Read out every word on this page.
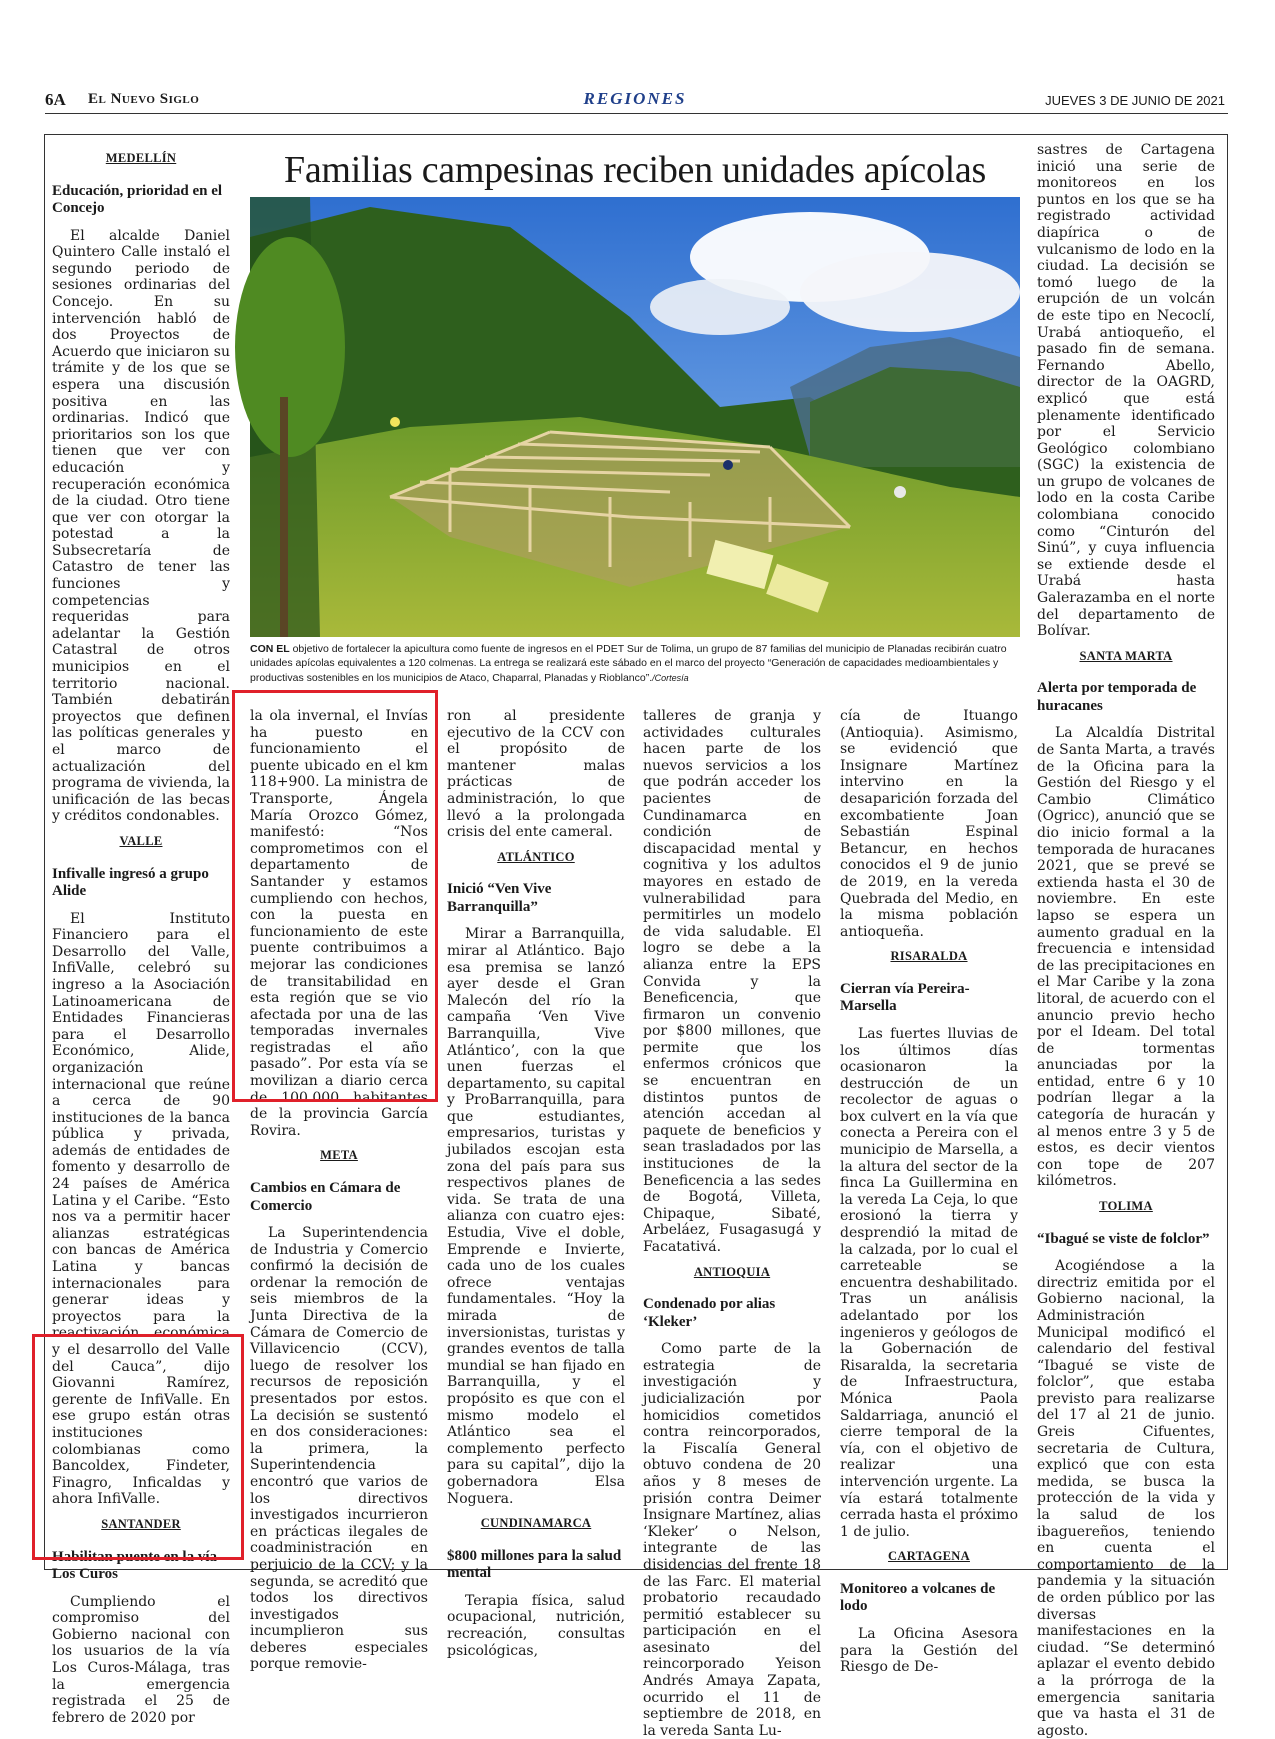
6A El Nuevo Siglo	REGIONES	JUEVES 3 DE JUNIO DE 2021
Familias campesinas reciben unidades apícolas
CON EL objetivo de fortalecer la apicultura como fuente de ingresos en el PDET Sur de Tolima, un grupo de 87 familias del municipio de Planadas recibirán cuatro unidades apícolas equivalentes a 120 colmenas. La entrega se realizará este sábado en el marco del proyecto “Generación de capacidades medioambientales y productivas sostenibles en los municipios de Ataco, Chaparral, Planadas y Rioblanco”./Cortesía
MEDELLÍN
Educación, prioridad en el Concejo

El alcalde Daniel Quintero Calle instaló el segundo periodo de sesiones ordinarias del Concejo. En su intervención habló de dos Proyectos de Acuerdo que iniciaron su trámite y de los que se espera una discusión positiva en las ordinarias. Indicó que prioritarios son los que tienen que ver con educación y recuperación económica de la ciudad. Otro tiene que ver con otorgar la potestad a la Subsecretaría de Catastro de tener las funciones y competencias requeridas para adelantar la Gestión Catastral de otros municipios en el territorio nacional. También debatirán proyectos que definen las políticas generales y el marco de actualización del programa de vivienda, la unificación de las becas y créditos condonables.

VALLE
Infivalle ingresó a grupo Alide

El Instituto Financiero para el Desarrollo del Valle, InfiValle, celebró su ingreso a la Asociación Latinoamericana de Entidades Financieras para el Desarrollo Económico, Alide, organización internacional que reúne a cerca de 90 instituciones de la banca pública y privada, además de entidades de fomento y desarrollo de 24 países de América Latina y el Caribe. “Esto nos va a permitir hacer alianzas estratégicas con bancas de América Latina y bancas internacionales para generar ideas y proyectos para la reactivación económica y el desarrollo del Valle del Cauca”, dijo Giovanni Ramírez, gerente de InfiValle. En ese grupo están otras instituciones colombianas como Bancoldex, Findeter, Finagro, Inficaldas y ahora InfiValle.

SANTANDER
Habilitan puente en la vía Los Curos

Cumpliendo el compromiso del Gobierno nacional con los usuarios de la vía Los Curos-Málaga, tras la emergencia registrada el 25 de febrero de 2020 por

la ola invernal, el Invías ha puesto en funcionamiento el puente ubicado en el km 118+900. La ministra de Transporte, Ángela María Orozco Gómez, manifestó: “Nos comprometimos con el departamento de Santander y estamos cumpliendo con hechos, con la puesta en funcionamiento de este puente contribuimos a mejorar las condiciones de transitabilidad en esta región que se vio afectada por una de las temporadas invernales registradas el año pasado”. Por esta vía se movilizan a diario cerca de 100.000 habitantes de la provincia García Rovira.

META
Cambios en Cámara de Comercio

La Superintendencia de Industria y Comercio confirmó la decisión de ordenar la remoción de seis miembros de la Junta Directiva de la Cámara de Comercio de Villavicencio (CCV), luego de resolver los recursos de reposición presentados por estos. La decisión se sustentó en dos consideraciones: la primera, la Superintendencia encontró que varios de los directivos investigados incurrieron en prácticas ilegales de coadministración en perjuicio de la CCV; y la segunda, se acreditó que todos los directivos investigados incumplieron sus deberes especiales porque removie-

ron al presidente ejecutivo de la CCV con el propósito de mantener malas prácticas de administración, lo que llevó a la prolongada crisis del ente cameral.

ATLÁNTICO
Inició “Ven Vive Barranquilla”

Mirar a Barranquilla, mirar al Atlántico. Bajo esa premisa se lanzó ayer desde el Gran Malecón del río la campaña ‘Ven Vive Barranquilla, Vive Atlántico’, con la que unen fuerzas el departamento, su capital y ProBarranquilla, para que estudiantes, empresarios, turistas y jubilados escojan esta zona del país para sus respectivos planes de vida. Se trata de una alianza con cuatro ejes: Estudia, Vive el doble, Emprende e Invierte, cada uno de los cuales ofrece ventajas fundamentales. “Hoy la mirada de inversionistas, turistas y grandes eventos de talla mundial se han fijado en Barranquilla, y el propósito es que con el mismo modelo el Atlántico sea el complemento perfecto para su capital”, dijo la gobernadora Elsa Noguera.

CUNDINAMARCA
$800 millones para la salud mental

Terapia física, salud ocupacional, nutrición, recreación, consultas psicológicas,

talleres de granja y actividades culturales hacen parte de los nuevos servicios a los que podrán acceder los pacientes de Cundinamarca en condición de discapacidad mental y cognitiva y los adultos mayores en estado de vulnerabilidad para permitirles un modelo de vida saludable. El logro se debe a la alianza entre la EPS Convida y la Beneficencia, que firmaron un convenio por $800 millones, que permite que los enfermos crónicos que se encuentran en distintos puntos de atención accedan al paquete de beneficios y sean trasladados por las instituciones de la Beneficencia a las sedes de Bogotá, Villeta, Chipaque, Sibaté, Arbeláez, Fusagasugá y Facatativá.

ANTIOQUIA
Condenado por alias ‘Kleker’

Como parte de la estrategia de investigación y judicialización por homicidios cometidos contra reincorporados, la Fiscalía General obtuvo condena de 20 años y 8 meses de prisión contra Deimer Insignare Martínez, alias ‘Kleker’ o Nelson, integrante de las disidencias del frente 18 de las Farc. El material probatorio recaudado permitió establecer su participación en el asesinato del reincorporado Yeison Andrés Amaya Zapata, ocurrido el 11 de septiembre de 2018, en la vereda Santa Lu-

cía de Ituango (Antioquia). Asimismo, se evidenció que Insignare Martínez intervino en la desaparición forzada del excombatiente Joan Sebastián Espinal Betancur, en hechos conocidos el 9 de junio de 2019, en la vereda Quebrada del Medio, en la misma población antioqueña.

RISARALDA
Cierran vía Pereira-Marsella

Las fuertes lluvias de los últimos días ocasionaron la destrucción de un recolector de aguas o box culvert en la vía que conecta a Pereira con el municipio de Marsella, a la altura del sector de la finca La Guillermina en la vereda La Ceja, lo que erosionó la tierra y desprendió la mitad de la calzada, por lo cual el carreteable se encuentra deshabilitado. Tras un análisis adelantado por los ingenieros y geólogos de la Gobernación de Risaralda, la secretaria de Infraestructura, Mónica Paola Saldarriaga, anunció el cierre temporal de la vía, con el objetivo de realizar una intervención urgente. La vía estará totalmente cerrada hasta el próximo 1 de julio.

CARTAGENA
Monitoreo a volcanes de lodo

La Oficina Asesora para la Gestión del Riesgo de De-

sastres de Cartagena inició una serie de monitoreos en los puntos en los que se ha registrado actividad diapírica o de vulcanismo de lodo en la ciudad. La decisión se tomó luego de la erupción de un volcán de este tipo en Necoclí, Urabá antioqueño, el pasado fin de semana. Fernando Abello, director de la OAGRD, explicó que está plenamente identificado por el Servicio Geológico colombiano (SGC) la existencia de un grupo de volcanes de lodo en la costa Caribe colombiana conocido como “Cinturón del Sinú”, y cuya influencia se extiende desde el Urabá hasta Galerazamba en el norte del departamento de Bolívar.

SANTA MARTA
Alerta por temporada de huracanes

La Alcaldía Distrital de Santa Marta, a través de la Oficina para la Gestión del Riesgo y el Cambio Climático (Ogricc), anunció que se dio inicio formal a la temporada de huracanes 2021, que se prevé se extienda hasta el 30 de noviembre. En este lapso se espera un aumento gradual en la frecuencia e intensidad de las precipitaciones en el Mar Caribe y la zona litoral, de acuerdo con el anuncio previo hecho por el Ideam. Del total de tormentas anunciadas por la entidad, entre 6 y 10 podrían llegar a la categoría de huracán y al menos entre 3 y 5 de estos, es decir vientos con tope de 207 kilómetros.

TOLIMA
“Ibagué se viste de folclor”

Acogiéndose a la directriz emitida por el Gobierno nacional, la Administración Municipal modificó el calendario del festival “Ibagué se viste de folclor”, que estaba previsto para realizarse del 17 al 21 de junio. Greis Cifuentes, secretaria de Cultura, explicó que con esta medida, se busca la protección de la vida y la salud de los ibaguereños, teniendo en cuenta el comportamiento de la pandemia y la situación de orden público por las diversas manifestaciones en la ciudad. “Se determinó aplazar el evento debido a la prórroga de la emergencia sanitaria que va hasta el 31 de agosto.
